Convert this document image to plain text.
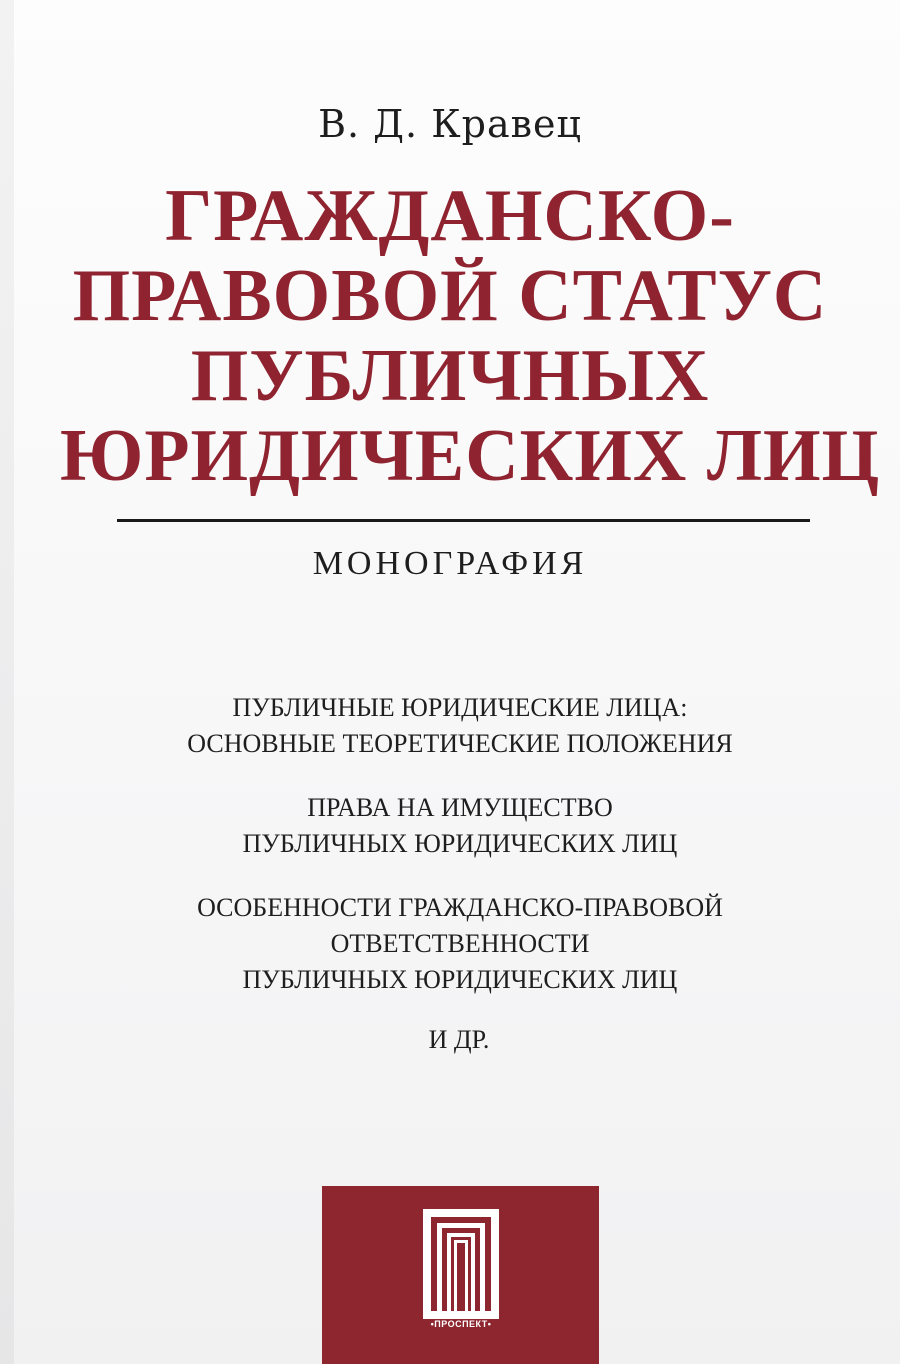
В. Д. Кравец
ГРАЖДАНСКО-
ПРАВОВОЙ СТАТУС
ПУБЛИЧНЫХ
ЮРИДИЧЕСКИХ ЛИЦ
МОНОГРАФИЯ
ПУБЛИЧНЫЕ ЮРИДИЧЕСКИЕ ЛИЦА:
ОСНОВНЫЕ ТЕОРЕТИЧЕСКИЕ ПОЛОЖЕНИЯ
ПРАВА НА ИМУЩЕСТВО
ПУБЛИЧНЫХ ЮРИДИЧЕСКИХ ЛИЦ
ОСОБЕННОСТИ ГРАЖДАНСКО-ПРАВОВОЙ
ОТВЕТСТВЕННОСТИ
ПУБЛИЧНЫХ ЮРИДИЧЕСКИХ ЛИЦ
И ДР.
•ПРОСПЕКТ•
